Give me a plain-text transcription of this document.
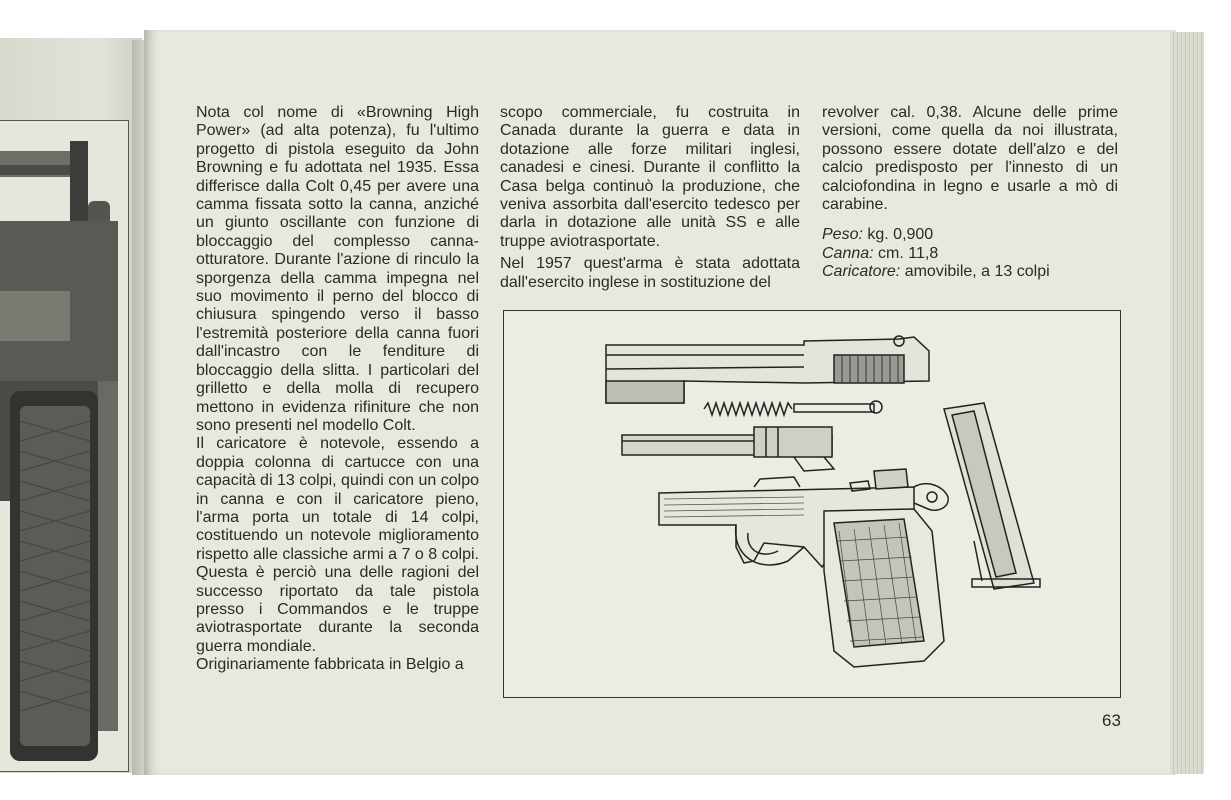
Nota col nome di «Browning High Power» (ad alta potenza), fu l'ultimo progetto di pistola eseguito da John Browning e fu adottata nel 1935. Essa differisce dalla Colt 0,45 per avere una camma fissata sotto la canna, anziché un giunto oscillante con funzione di bloccaggio del complesso canna-otturatore. Durante l'azione di rinculo la sporgenza della camma impegna nel suo movimento il perno del blocco di chiusura spingendo verso il basso l'estremità posteriore della canna fuori dall'incastro con le fenditure di bloccaggio della slitta. I particolari del grilletto e della molla di recupero mettono in evidenza rifiniture che non sono presenti nel modello Colt.

Il caricatore è notevole, essendo a doppia colonna di cartucce con una capacità di 13 colpi, quindi con un colpo in canna e con il caricatore pieno, l'arma porta un totale di 14 colpi, costituendo un notevole miglioramento rispetto alle classiche armi a 7 o 8 colpi. Questa è perciò una delle ragioni del successo riportato da tale pistola presso i Commandos e le truppe aviotrasportate durante la seconda guerra mondiale.

Originariamente fabbricata in Belgio a

scopo commerciale, fu costruita in Canada durante la guerra e data in dotazione alle forze militari inglesi, canadesi e cinesi. Durante il conflitto la Casa belga continuò la produzione, che veniva assorbita dall'esercito tedesco per darla in dotazione alle unità SS e alle truppe aviotrasportate.

Nel 1957 quest'arma è stata adottata dall'esercito inglese in sostituzione del

revolver cal. 0,38. Alcune delle prime versioni, come quella da noi illustrata, possono essere dotate dell'alzo e del calcio predisposto per l'innesto di un calciofondina in legno e usarle a mò di carabine.

Peso: kg. 0,900
Canna: cm. 11,8
Caricatore: amovibile, a 13 colpi

63
